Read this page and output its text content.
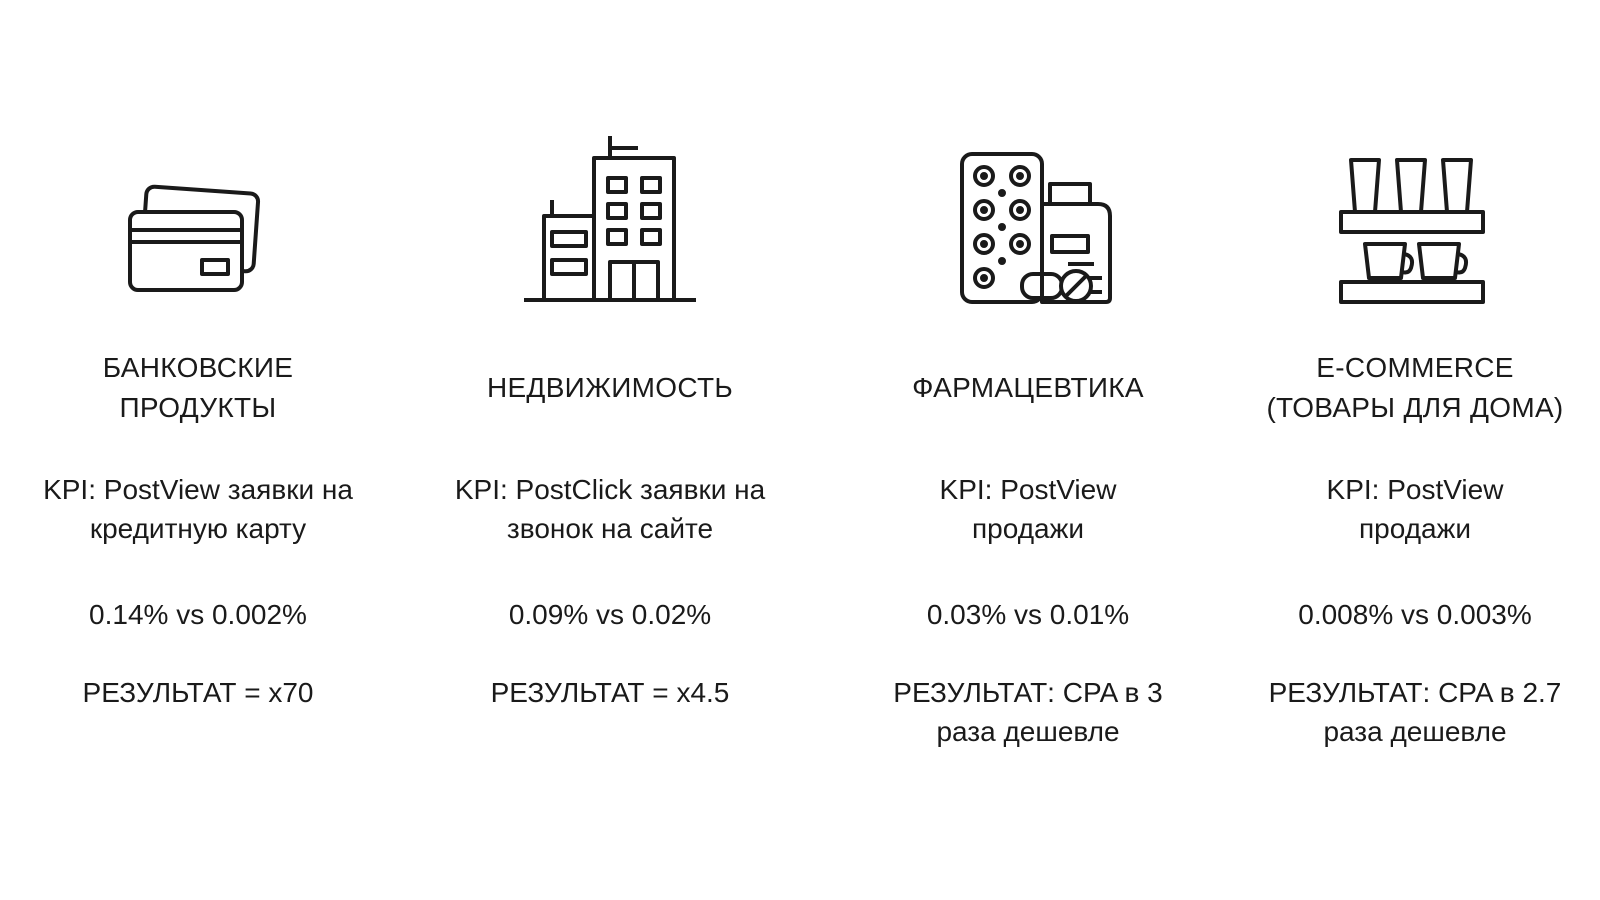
БАНКОВСКИЕ
ПРОДУКТЫ
KPI: PostView заявки на
кредитную карту
0.14% vs 0.002%
РЕЗУЛЬТАТ = x70
НЕДВИЖИМОСТЬ
KPI: PostClick заявки на
звонок на сайте
0.09% vs 0.02%
РЕЗУЛЬТАТ = x4.5
ФАРМАЦЕВТИКА
KPI: PostView
продажи
0.03% vs 0.01%
РЕЗУЛЬТАТ: CPA в 3
раза дешевле
E-COMMERCE
(ТОВАРЫ ДЛЯ ДОМА)
KPI: PostView
продажи
0.008% vs 0.003%
РЕЗУЛЬТАТ: CPA в 2.7
раза дешевле
